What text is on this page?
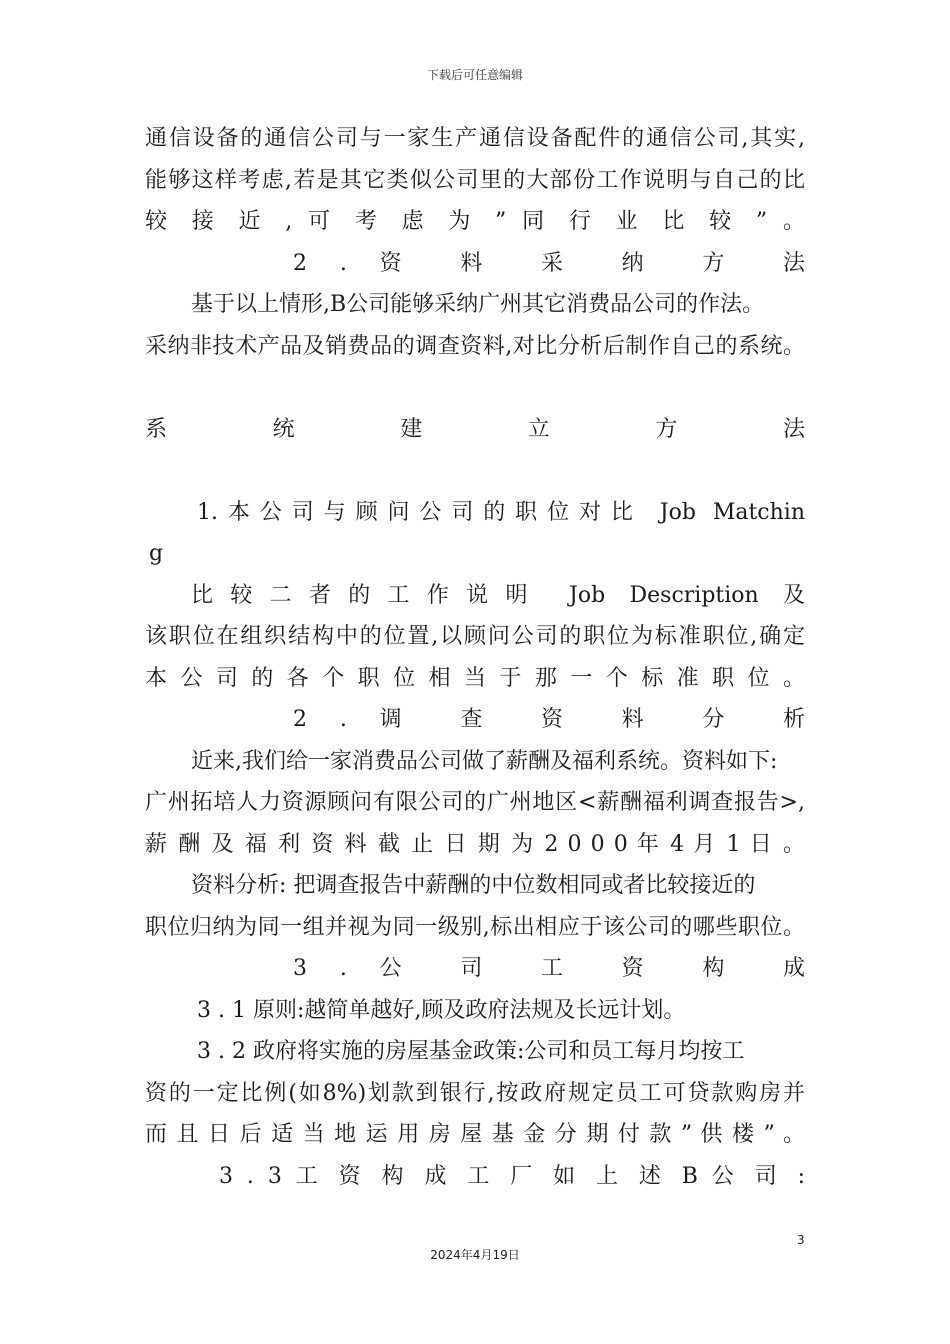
下载后可任意编辑
通信设备的通信公司与一家生产通信设备配件的通信公司,其实,
能够这样考虑,若是其它类似公司里的大部份工作说明与自己的比
较 接 近 , 可 考 虑 为 ” 同 行 业 比 较 ” 。
2 . 资 料 采 纳 方 法
基于以上情形,B公司能够采纳广州其它消费品公司的作法。
采纳非技术产品及销费品的调查资料,对比分析后制作自己的系统。
系 统 建 立 方 法
1.本公司与顾问公司的职位对比 Job Matchin
g
比较二者的工作说明 Job Description 及
该职位在组织结构中的位置,以顾问公司的职位为标准职位,确定
本 公 司 的 各 个 职 位 相 当 于 那 一 个 标 准 职 位 。
2 . 调 查 资 料 分 析
近来,我们给一家消费品公司做了薪酬及福利系统。资料如下:
广州拓培人力资源顾问有限公司的广州地区<薪酬福利调查报告>,
薪 酬 及 福 利 资 料 截 止 日 期 为 2 0 0 0 年 4 月 1 日 。
资料分析: 把调查报告中薪酬的中位数相同或者比较接近的
职位归纳为同一组并视为同一级别,标出相应于该公司的哪些职位。
3 . 公 司 工 资 构 成
3 . 1 原则:越简单越好,顾及政府法规及长远计划。
3 . 2 政府将实施的房屋基金政策:公司和员工每月均按工
资的一定比例(如8%)划款到银行,按政府规定员工可贷款购房并
而 且 日 后 适 当 地 运 用 房 屋 基 金 分 期 付 款 ” 供 楼 ” 。
3 . 3 工 资 构 成 工 厂 如 上 述 B 公 司 :
3
2024年4月19日
